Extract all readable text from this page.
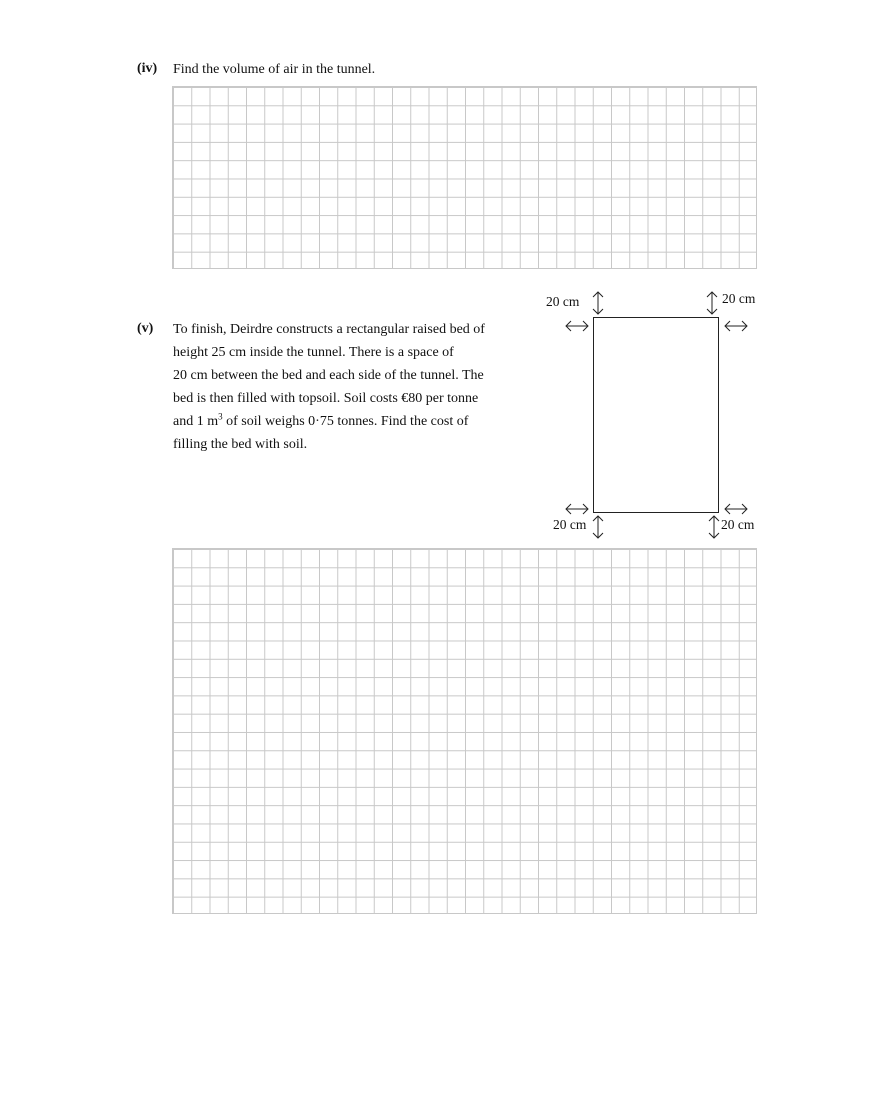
(iv) Find the volume of air in the tunnel.
(v) To finish, Deirdre constructs a rectangular raised bed of
height 25 cm inside the tunnel. There is a space of
20 cm between the bed and each side of the tunnel. The
bed is then filled with topsoil. Soil costs €80 per tonne
and 1 $m^3$ of soil weighs 0·75 tonnes. Find the cost of
filling the bed with soil.
20 cm	20 cm
20 cm	20 cm
